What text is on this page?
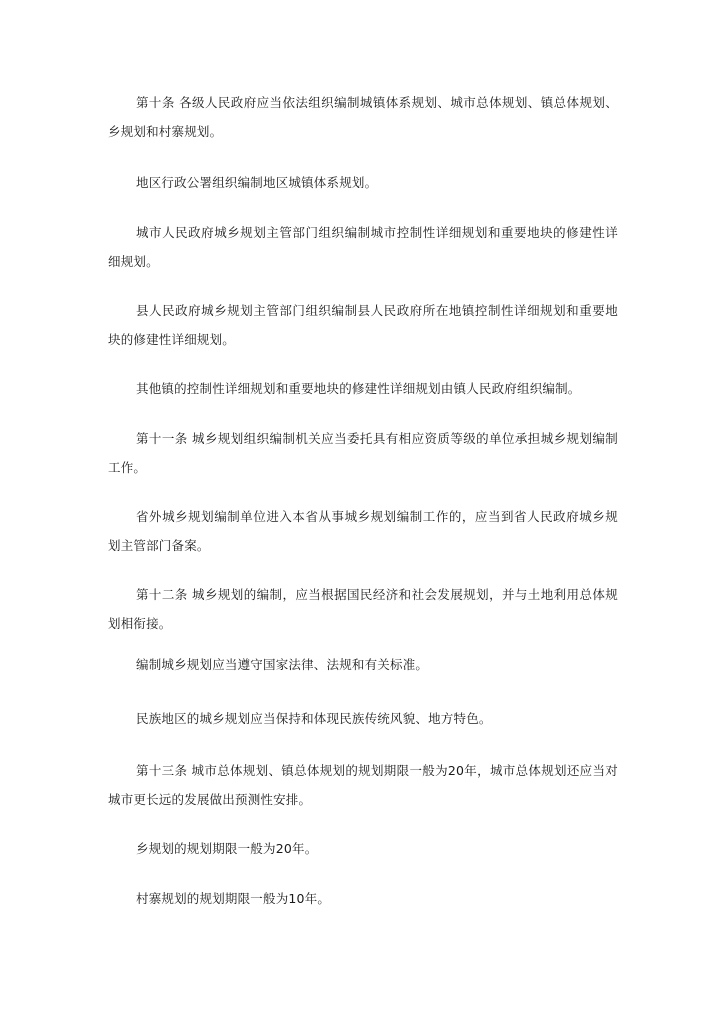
第十条 各级人民政府应当依法组织编制城镇体系规划、城市总体规划、镇总体规划、乡规划和村寨规划。

地区行政公署组织编制地区城镇体系规划。

城市人民政府城乡规划主管部门组织编制城市控制性详细规划和重要地块的修建性详细规划。

县人民政府城乡规划主管部门组织编制县人民政府所在地镇控制性详细规划和重要地块的修建性详细规划。

其他镇的控制性详细规划和重要地块的修建性详细规划由镇人民政府组织编制。

第十一条 城乡规划组织编制机关应当委托具有相应资质等级的单位承担城乡规划编制工作。

省外城乡规划编制单位进入本省从事城乡规划编制工作的，应当到省人民政府城乡规划主管部门备案。

第十二条 城乡规划的编制，应当根据国民经济和社会发展规划，并与土地利用总体规划相衔接。

编制城乡规划应当遵守国家法律、法规和有关标准。

民族地区的城乡规划应当保持和体现民族传统风貌、地方特色。

第十三条 城市总体规划、镇总体规划的规划期限一般为20年，城市总体规划还应当对城市更长远的发展做出预测性安排。

乡规划的规划期限一般为20年。

村寨规划的规划期限一般为10年。
